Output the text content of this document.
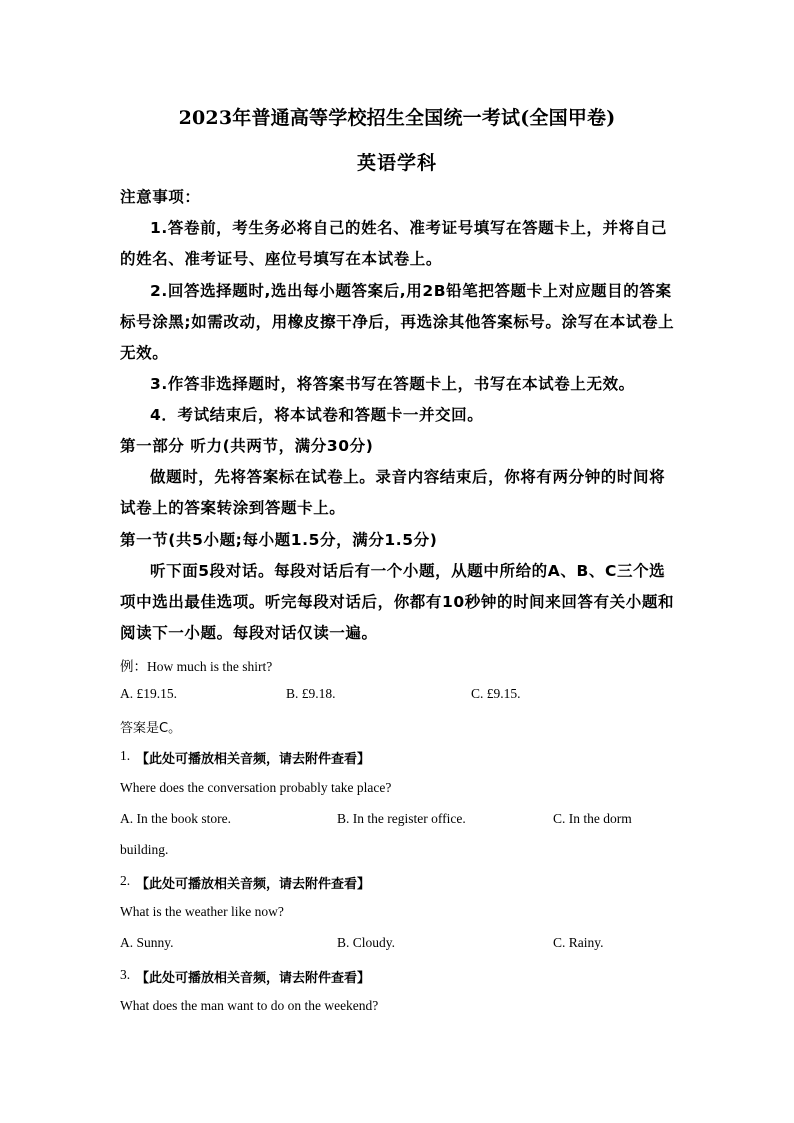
2023年普通高等学校招生全国统一考试(全国甲卷)
英语学科
注意事项：
1.答卷前，考生务必将自己的姓名、准考证号填写在答题卡上，并将自己
的姓名、准考证号、座位号填写在本试卷上。
2.回答选择题时,选出每小题答案后,用2B铅笔把答题卡上对应题目的答案
标号涂黑;如需改动，用橡皮擦干净后，再选涂其他答案标号。涂写在本试卷上
无效。
3.作答非选择题时，将答案书写在答题卡上，书写在本试卷上无效。
4．考试结束后，将本试卷和答题卡一并交回。
第一部分 听力(共两节，满分30分)
做题时，先将答案标在试卷上。录音内容结束后，你将有两分钟的时间将
试卷上的答案转涂到答题卡上。
第一节(共5小题;每小题1.5分，满分1.5分)
听下面5段对话。每段对话后有一个小题，从题中所给的A、B、C三个选
项中选出最佳选项。听完每段对话后，你都有10秒钟的时间来回答有关小题和
阅读下一小题。每段对话仅读一遍。
例：How much is the shirt?
A. £19.15.	B. £9.18.	C. £9.15.
答案是C。
1. 【此处可播放相关音频，请去附件查看】
Where does the conversation probably take place?
A. In the book store.	B. In the register office.	C. In the dorm
building.
2. 【此处可播放相关音频，请去附件查看】
What is the weather like now?
A. Sunny.	B. Cloudy.	C. Rainy.
3. 【此处可播放相关音频，请去附件查看】
What does the man want to do on the weekend?
